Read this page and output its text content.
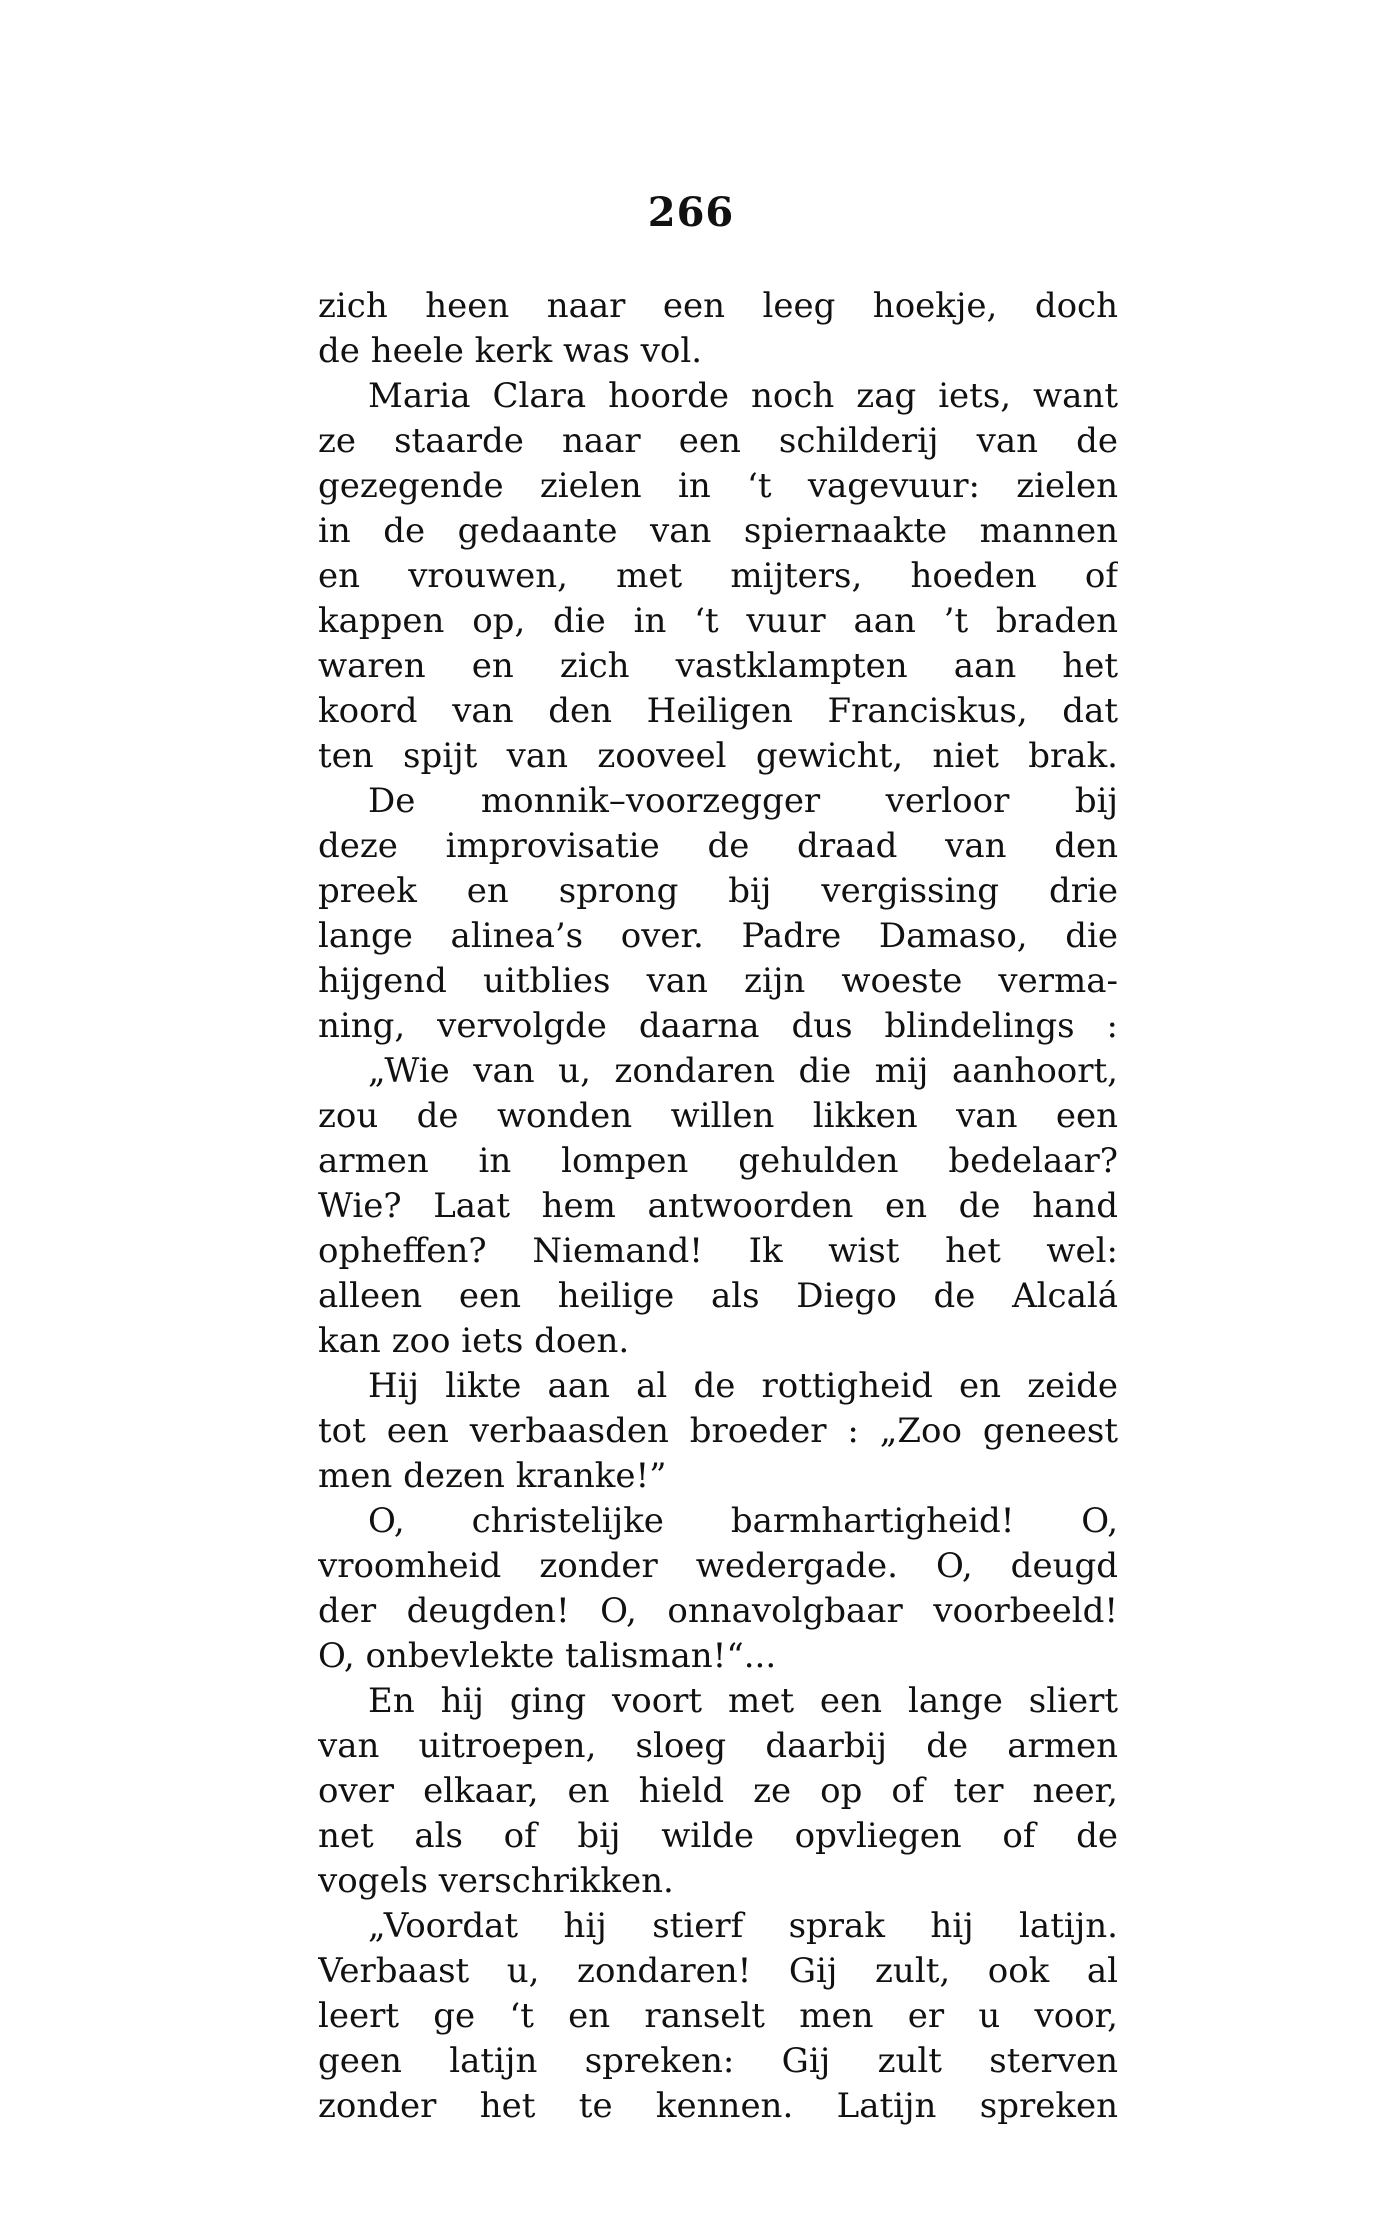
266
zich heen naar een leeg hoekje, doch
de heele kerk was vol.
Maria Clara hoorde noch zag iets, want
ze staarde naar een schilderij van de
gezegende zielen in ‘t vagevuur: zielen
in de gedaante van spiernaakte mannen
en vrouwen, met mijters, hoeden of
kappen op, die in ‘t vuur aan ’t braden
waren en zich vastklampten aan het
koord van den Heiligen Franciskus, dat
ten spijt van zooveel gewicht, niet brak.
De monnik–voorzegger verloor bij
deze improvisatie de draad van den
preek en sprong bij vergissing drie
lange alinea’s over. Padre Damaso, die
hijgend uitblies van zijn woeste verma-
ning, vervolgde daarna dus blindelings :
„Wie van u, zondaren die mij aanhoort,
zou de wonden willen likken van een
armen in lompen gehulden bedelaar?
Wie? Laat hem antwoorden en de hand
opheffen? Niemand! Ik wist het wel:
alleen een heilige als Diego de Alcalá
kan zoo iets doen.
Hij likte aan al de rottigheid en zeide
tot een verbaasden broeder : „Zoo geneest
men dezen kranke!”
O, christelijke barmhartigheid! O,
vroomheid zonder wedergade. O, deugd
der deugden! O, onnavolgbaar voorbeeld!
O, onbevlekte talisman!“...
En hij ging voort met een lange sliert
van uitroepen, sloeg daarbij de armen
over elkaar, en hield ze op of ter neer,
net als of bij wilde opvliegen of de
vogels verschrikken.
„Voordat hij stierf sprak hij latijn.
Verbaast u, zondaren! Gij zult, ook al
leert ge ‘t en ranselt men er u voor,
geen latijn spreken: Gij zult sterven
zonder het te kennen. Latijn spreken
